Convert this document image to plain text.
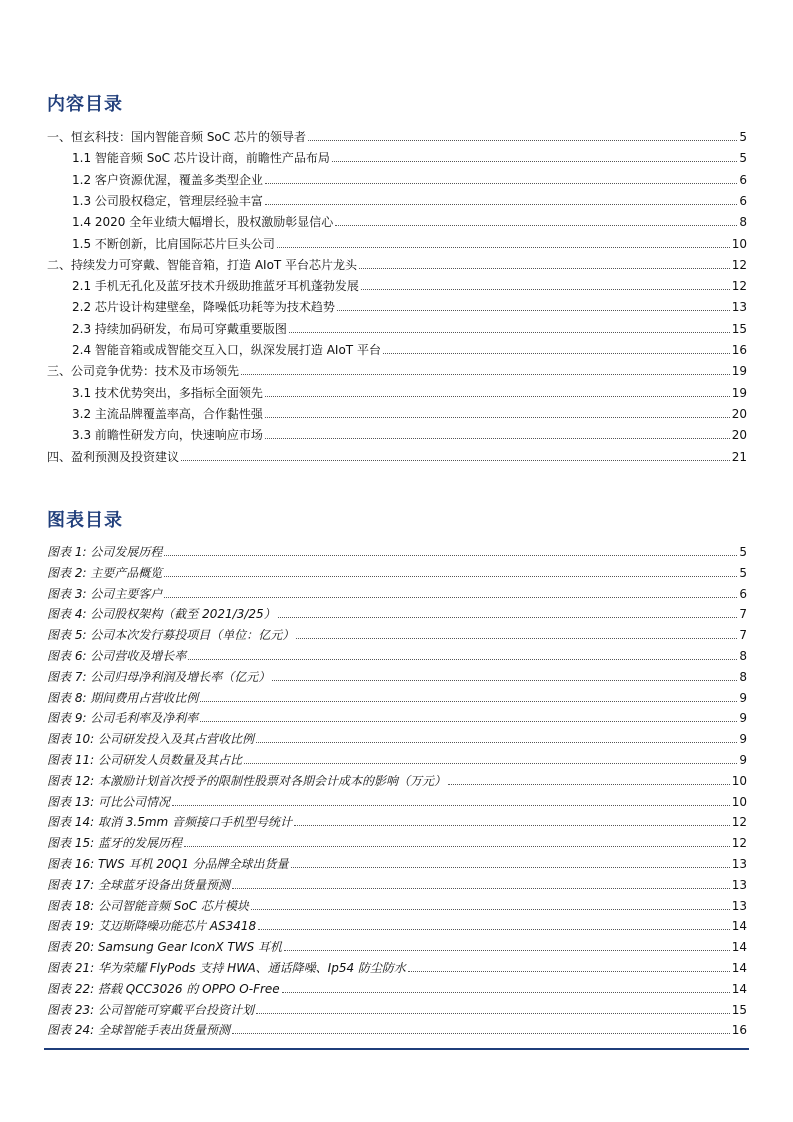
内容目录
一、恒玄科技：国内智能音频 SoC 芯片的领导者	5
1.1 智能音频 SoC 芯片设计商，前瞻性产品布局	5
1.2 客户资源优渥，覆盖多类型企业	6
1.3 公司股权稳定，管理层经验丰富	6
1.4 2020 全年业绩大幅增长，股权激励彰显信心	8
1.5 不断创新，比肩国际芯片巨头公司	10
二、持续发力可穿戴、智能音箱，打造 AIoT 平台芯片龙头	12
2.1 手机无孔化及蓝牙技术升级助推蓝牙耳机蓬勃发展	12
2.2 芯片设计构建壁垒，降噪低功耗等为技术趋势	13
2.3 持续加码研发，布局可穿戴重要版图	15
2.4 智能音箱或成智能交互入口，纵深发展打造 AIoT 平台	16
三、公司竞争优势：技术及市场领先	19
3.1 技术优势突出，多指标全面领先	19
3.2 主流品牌覆盖率高，合作黏性强	20
3.3 前瞻性研发方向，快速响应市场	20
四、盈利预测及投资建议	21
图表目录
图表 1: 公司发展历程	5
图表 2: 主要产品概览	5
图表 3: 公司主要客户	6
图表 4: 公司股权架构（截至 2021/3/25）	7
图表 5: 公司本次发行募投项目（单位：亿元）	7
图表 6: 公司营收及增长率	8
图表 7: 公司归母净利润及增长率（亿元）	8
图表 8: 期间费用占营收比例	9
图表 9: 公司毛利率及净利率	9
图表 10: 公司研发投入及其占营收比例	9
图表 11: 公司研发人员数量及其占比	9
图表 12: 本激励计划首次授予的限制性股票对各期会计成本的影响（万元）	10
图表 13: 可比公司情况	10
图表 14: 取消 3.5mm 音频接口手机型号统计	12
图表 15: 蓝牙的发展历程	12
图表 16: TWS 耳机 20Q1 分品牌全球出货量	13
图表 17: 全球蓝牙设备出货量预测	13
图表 18: 公司智能音频 SoC 芯片模块	13
图表 19: 艾迈斯降噪功能芯片 AS3418	14
图表 20: Samsung Gear IconX TWS 耳机	14
图表 21: 华为荣耀 FlyPods 支持 HWA、通话降噪、Ip54 防尘防水	14
图表 22: 搭载 QCC3026 的 OPPO O-Free	14
图表 23: 公司智能可穿戴平台投资计划	15
图表 24: 全球智能手表出货量预测	16
